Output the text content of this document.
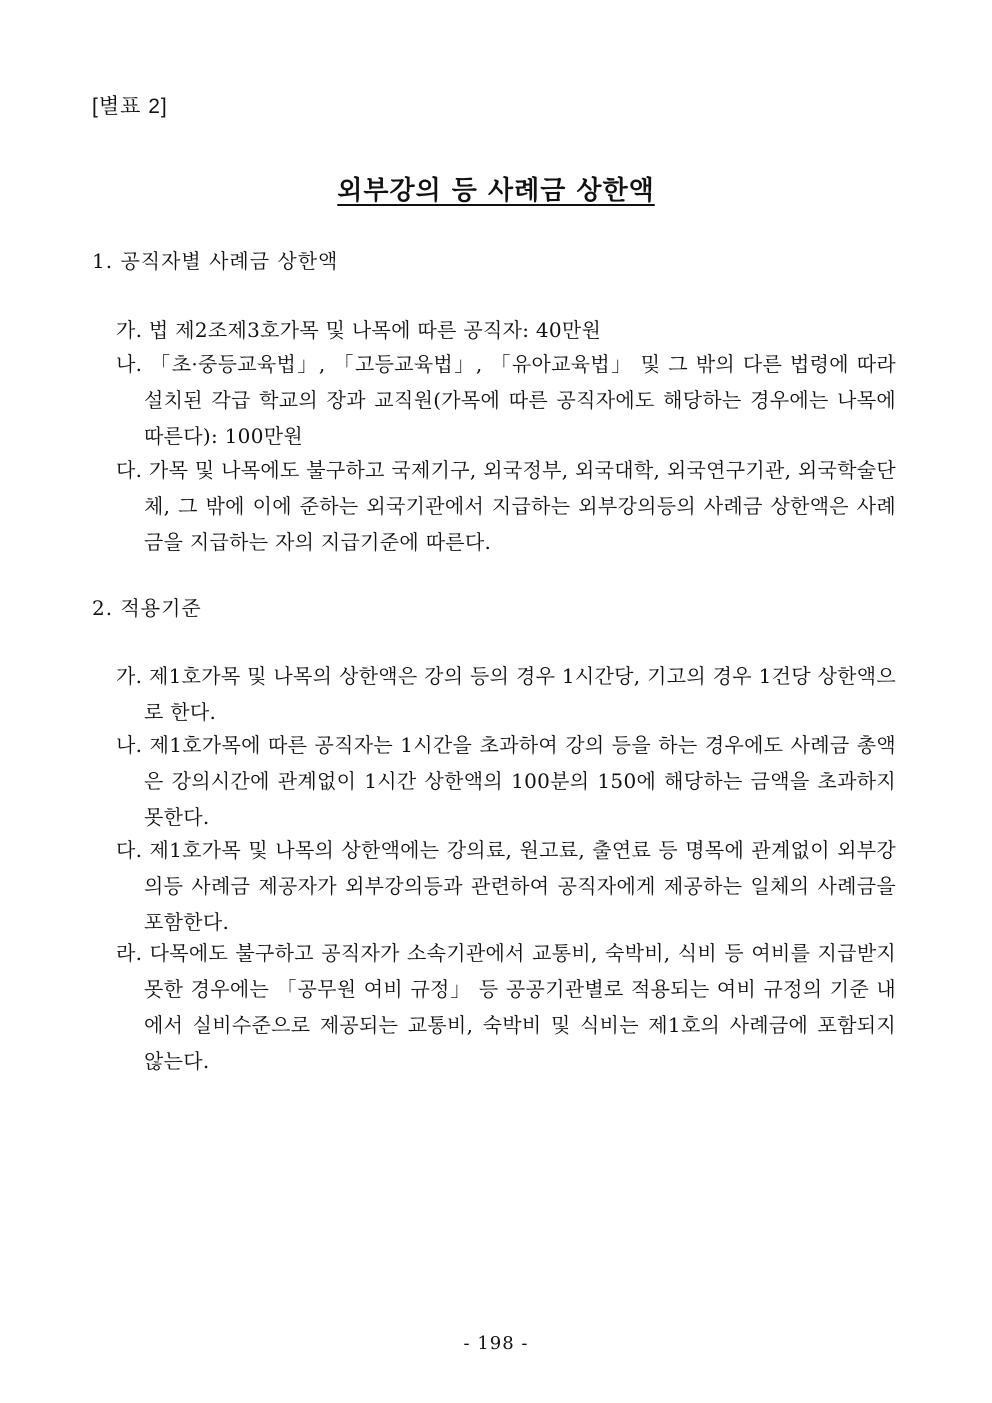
[별표 2]
외부강의 등 사례금 상한액
1. 공직자별 사례금 상한액
가. 법 제2조제3호가목 및 나목에 따른 공직자: 40만원
나. 「초·중등교육법」, 「고등교육법」, 「유아교육법」 및 그 밖의 다른 법령에 따라 설치된 각급 학교의 장과 교직원(가목에 따른 공직자에도 해당하는 경우에는 나목에 따른다): 100만원
다. 가목 및 나목에도 불구하고 국제기구, 외국정부, 외국대학, 외국연구기관, 외국학술단체, 그 밖에 이에 준하는 외국기관에서 지급하는 외부강의등의 사례금 상한액은 사례금을 지급하는 자의 지급기준에 따른다.
2. 적용기준
가. 제1호가목 및 나목의 상한액은 강의 등의 경우 1시간당, 기고의 경우 1건당 상한액으로 한다.
나. 제1호가목에 따른 공직자는 1시간을 초과하여 강의 등을 하는 경우에도 사례금 총액은 강의시간에 관계없이 1시간 상한액의 100분의 150에 해당하는 금액을 초과하지 못한다.
다. 제1호가목 및 나목의 상한액에는 강의료, 원고료, 출연료 등 명목에 관계없이 외부강의등 사례금 제공자가 외부강의등과 관련하여 공직자에게 제공하는 일체의 사례금을 포함한다.
라. 다목에도 불구하고 공직자가 소속기관에서 교통비, 숙박비, 식비 등 여비를 지급받지 못한 경우에는 「공무원 여비 규정」 등 공공기관별로 적용되는 여비 규정의 기준 내에서 실비수준으로 제공되는 교통비, 숙박비 및 식비는 제1호의 사례금에 포함되지 않는다.
- 198 -
